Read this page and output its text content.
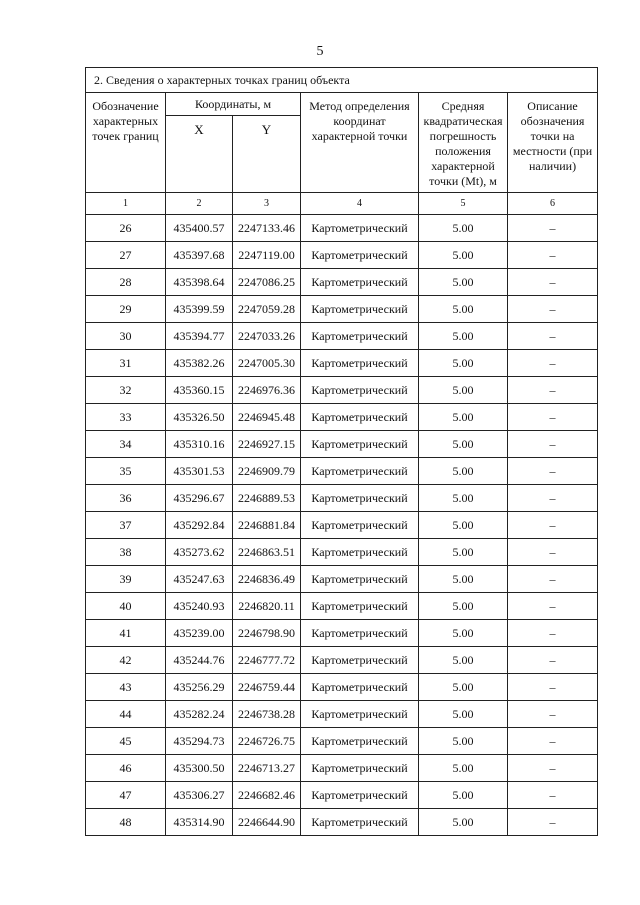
5
2. Сведения о характерных точках границ объекта					
Обозначение характерных точек границ	Координаты, м		Метод определения координат характерной точки	Средняя квадратическая погрешность положения характерной точки (Mt), м	Описание обозначения точки на местности (при наличии)

	X	Y			

1	2	3	4	5	6
26	435400.57	2247133.46	Картометрический	5.00	–
27	435397.68	2247119.00	Картометрический	5.00	–
28	435398.64	2247086.25	Картометрический	5.00	–
29	435399.59	2247059.28	Картометрический	5.00	–
30	435394.77	2247033.26	Картометрический	5.00	–
31	435382.26	2247005.30	Картометрический	5.00	–
32	435360.15	2246976.36	Картометрический	5.00	–
33	435326.50	2246945.48	Картометрический	5.00	–
34	435310.16	2246927.15	Картометрический	5.00	–
35	435301.53	2246909.79	Картометрический	5.00	–
36	435296.67	2246889.53	Картометрический	5.00	–
37	435292.84	2246881.84	Картометрический	5.00	–
38	435273.62	2246863.51	Картометрический	5.00	–
39	435247.63	2246836.49	Картометрический	5.00	–
40	435240.93	2246820.11	Картометрический	5.00	–
41	435239.00	2246798.90	Картометрический	5.00	–
42	435244.76	2246777.72	Картометрический	5.00	–
43	435256.29	2246759.44	Картометрический	5.00	–
44	435282.24	2246738.28	Картометрический	5.00	–
45	435294.73	2246726.75	Картометрический	5.00	–
46	435300.50	2246713.27	Картометрический	5.00	–
47	435306.27	2246682.46	Картометрический	5.00	–
48	435314.90	2246644.90	Картометрический	5.00	–
